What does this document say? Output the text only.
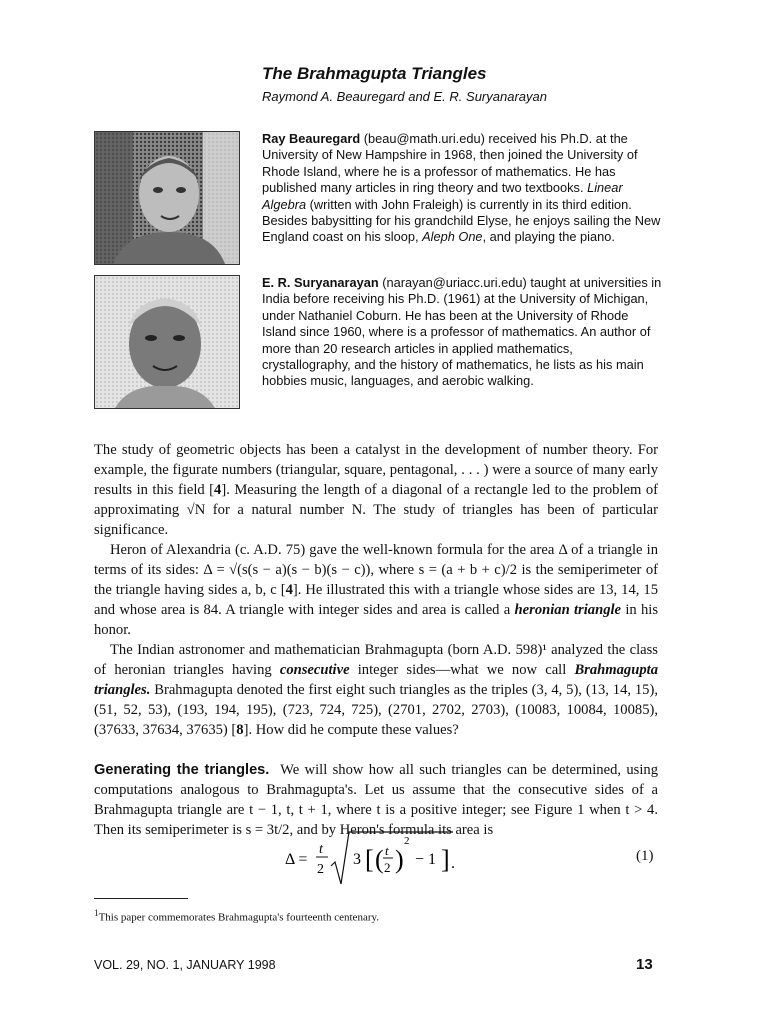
The Brahmagupta Triangles
Raymond A. Beauregard and E. R. Suryanarayan
Ray Beauregard (beau@math.uri.edu) received his Ph.D. at the University of New Hampshire in 1968, then joined the University of Rhode Island, where he is a professor of mathematics. He has published many articles in ring theory and two textbooks. Linear Algebra (written with John Fraleigh) is currently in its third edition. Besides babysitting for his grandchild Elyse, he enjoys sailing the New England coast on his sloop, Aleph One, and playing the piano.
E. R. Suryanarayan (narayan@uriacc.uri.edu) taught at universities in India before receiving his Ph.D. (1961) at the University of Michigan, under Nathaniel Coburn. He has been at the University of Rhode Island since 1960, where is a professor of mathematics. An author of more than 20 research articles in applied mathematics, crystallography, and the history of mathematics, he lists as his main hobbies music, languages, and aerobic walking.

The study of geometric objects has been a catalyst in the development of number theory. For example, the figurate numbers (triangular, square, pentagonal, . . . ) were a source of many early results in this field [4]. Measuring the length of a diagonal of a rectangle led to the problem of approximating √N for a natural number N. The study of triangles has been of particular significance.

Heron of Alexandria (c. A.D. 75) gave the well-known formula for the area Δ of a triangle in terms of its sides: Δ = √(s(s − a)(s − b)(s − c)), where s = (a + b + c)/2 is the semiperimeter of the triangle having sides a, b, c [4]. He illustrated this with a triangle whose sides are 13, 14, 15 and whose area is 84. A triangle with integer sides and area is called a heronian triangle in his honor.

The Indian astronomer and mathematician Brahmagupta (born A.D. 598)¹ analyzed the class of heronian triangles having consecutive integer sides—what we now call Brahmagupta triangles. Brahmagupta denoted the first eight such triangles as the triples (3, 4, 5), (13, 14, 15), (51, 52, 53), (193, 194, 195), (723, 724, 725), (2701, 2702, 2703), (10083, 10084, 10085), (37633, 37634, 37635) [8]. How did he compute these values?

Generating the triangles. We will show how all such triangles can be determined, using computations analogous to Brahmagupta's. Let us assume that the consecutive sides of a Brahmagupta triangle are t − 1, t, t + 1, where t is a positive integer; see Figure 1 when t > 4. Then its semiperimeter is s = 3t/2, and by Heron's formula its area is

Δ =
t
2
3 [ ( t
2 )
2
− 1 ] .	(1)
$^1$This paper commemorates Brahmagupta's fourteenth centenary.
VOL. 29, NO. 1, JANUARY 1998	13
